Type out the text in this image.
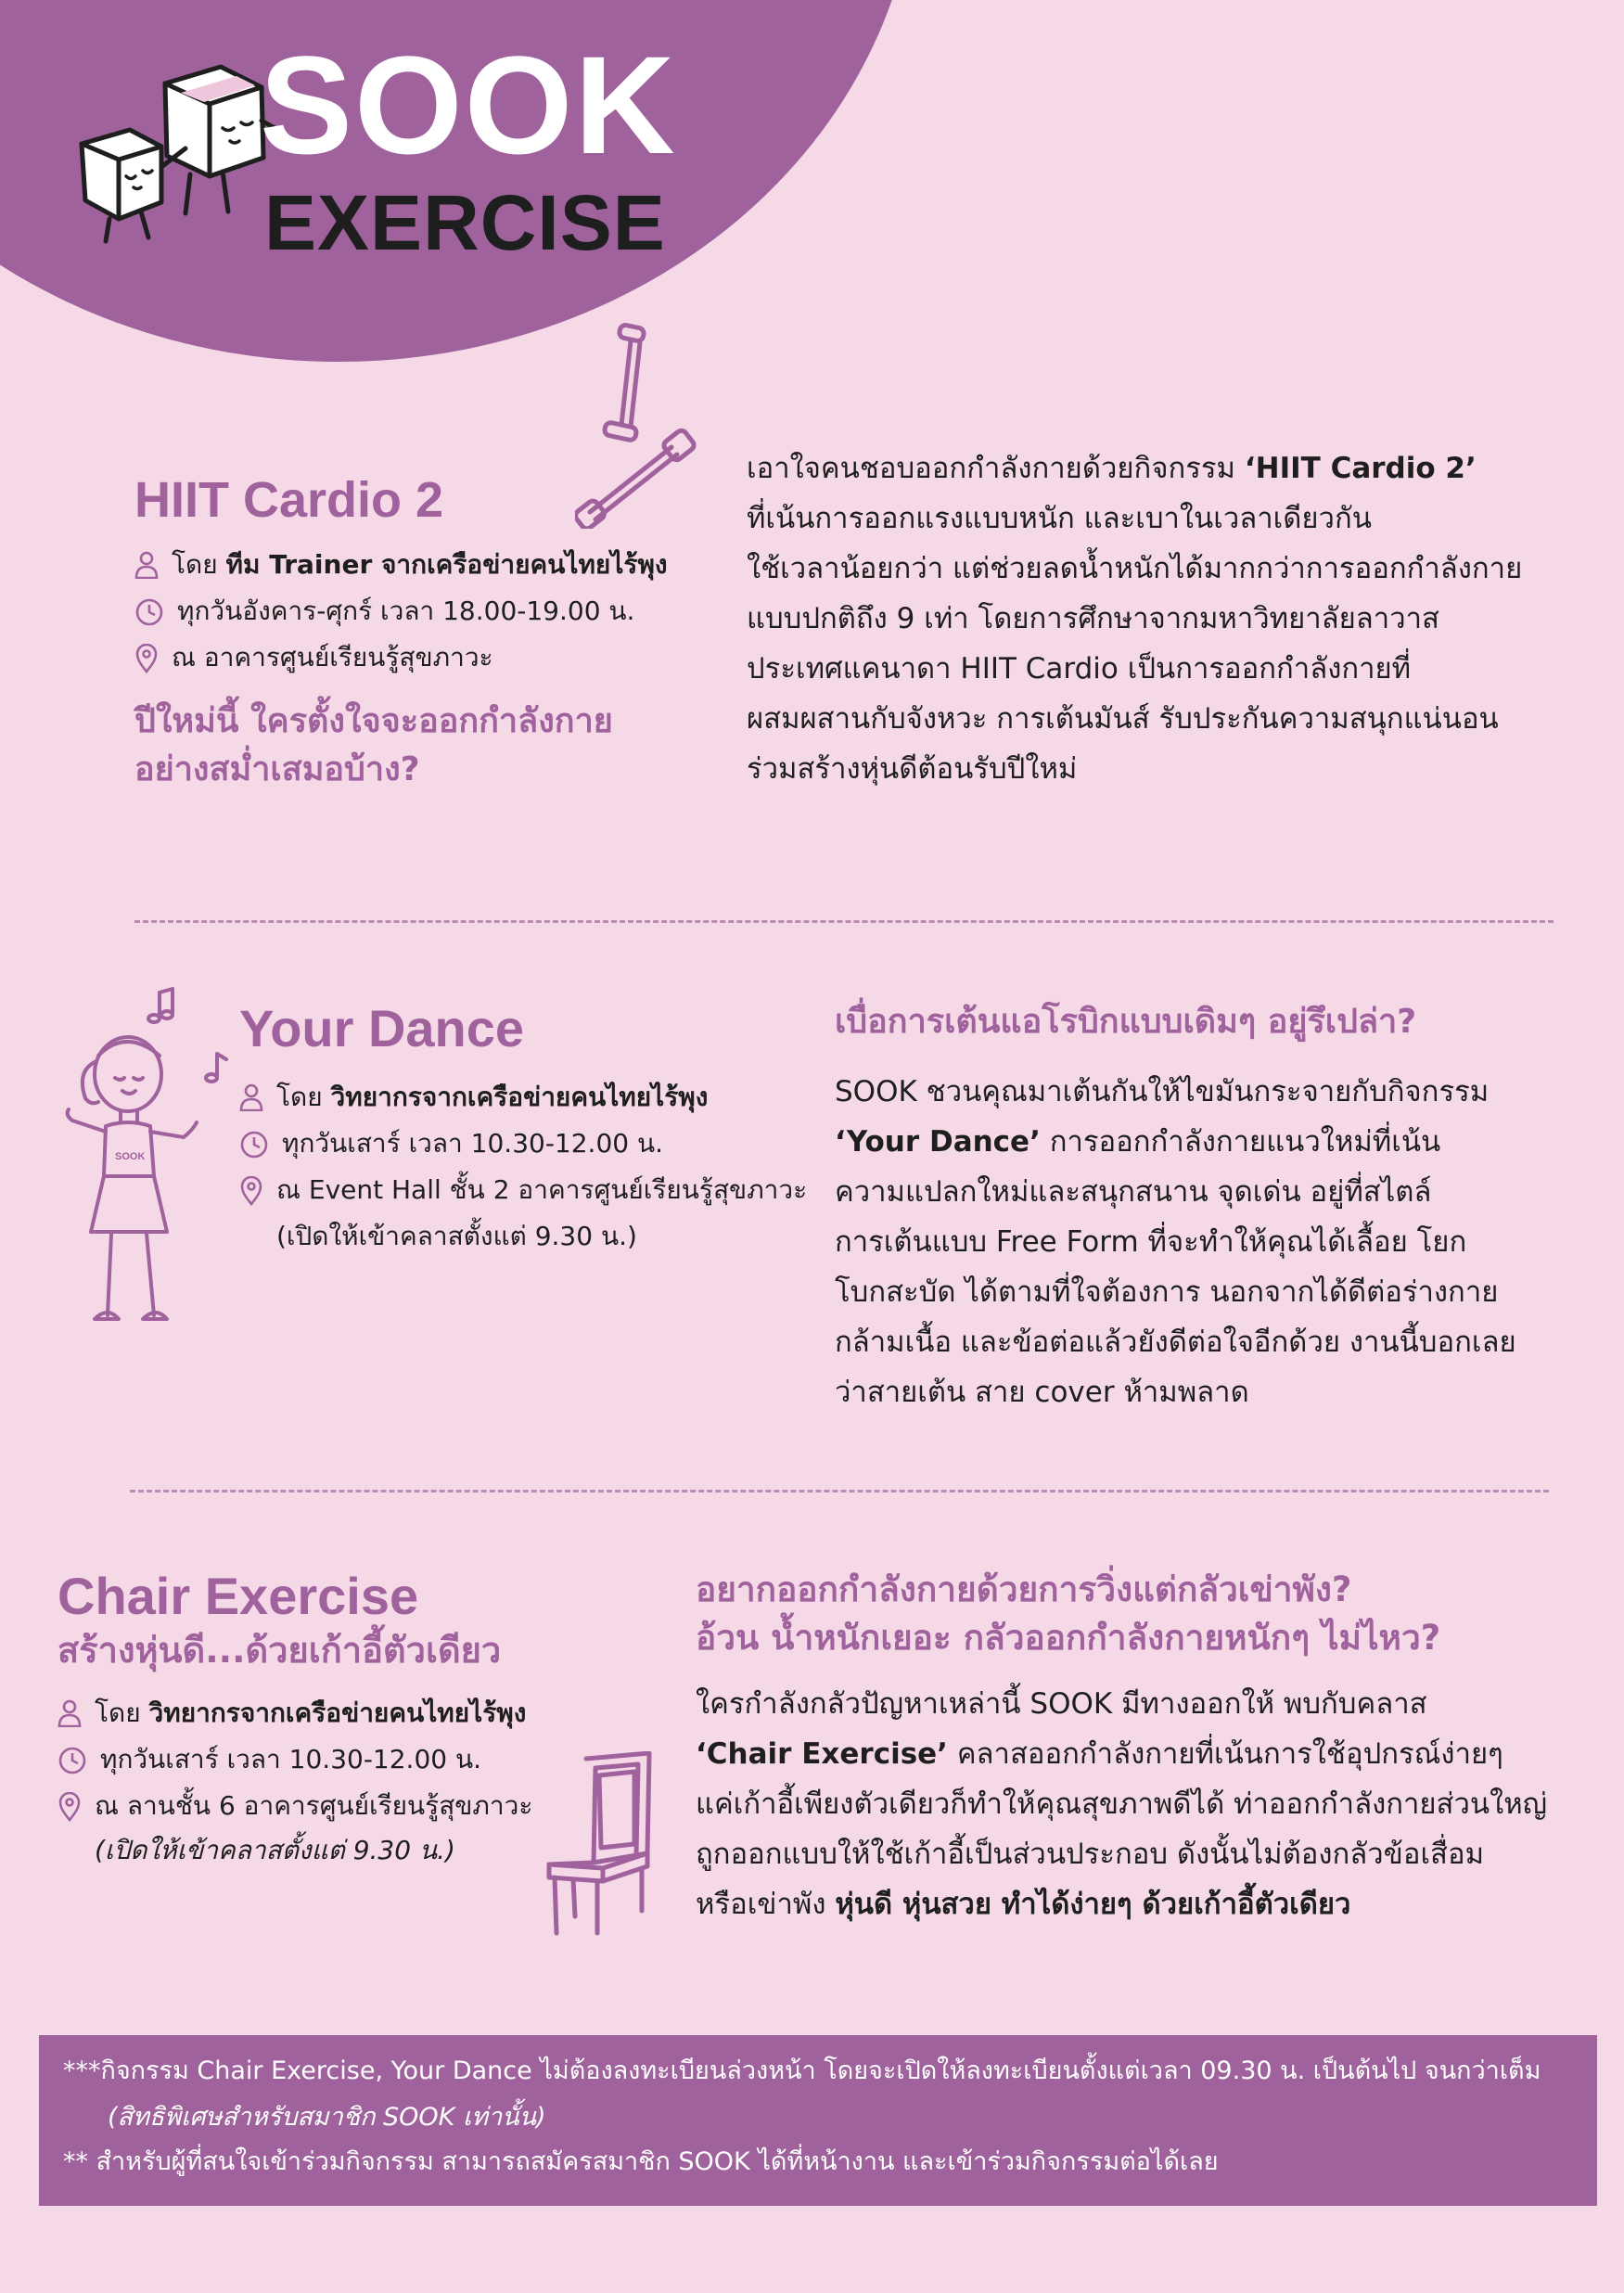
SOOK
EXERCISE
HIIT Cardio 2
โดย ทีม Trainer จากเครือข่ายคนไทยไร้พุง
ทุกวันอังคาร-ศุกร์ เวลา 18.00-19.00 น.
ณ อาคารศูนย์เรียนรู้สุขภาวะ
ปีใหม่นี้ ใครตั้งใจจะออกกำลังกาย
อย่างสม่ำเสมอบ้าง?
เอาใจคนชอบออกกำลังกายด้วยกิจกรรม ‘HIIT Cardio 2’
ที่เน้นการออกแรงแบบหนัก และเบาในเวลาเดียวกัน
ใช้เวลาน้อยกว่า แต่ช่วยลดน้ำหนักได้มากกว่าการออกกำลังกาย
แบบปกติถึง 9 เท่า โดยการศึกษาจากมหาวิทยาลัยลาวาส
ประเทศแคนาดา HIIT Cardio เป็นการออกกำลังกายที่
ผสมผสานกับจังหวะ การเต้นมันส์ รับประกันความสนุกแน่นอน
ร่วมสร้างหุ่นดีต้อนรับปีใหม่
SOOK
Your Dance
โดย วิทยากรจากเครือข่ายคนไทยไร้พุง
ทุกวันเสาร์ เวลา 10.30-12.00 น.
ณ Event Hall ชั้น 2 อาคารศูนย์เรียนรู้สุขภาวะ
(เปิดให้เข้าคลาสตั้งแต่ 9.30 น.)
เบื่อการเต้นแอโรบิกแบบเดิมๆ อยู่รึเปล่า?
SOOK ชวนคุณมาเต้นกันให้ไขมันกระจายกับกิจกรรม
‘Your Dance’ การออกกำลังกายแนวใหม่ที่เน้น
ความแปลกใหม่และสนุกสนาน จุดเด่น อยู่ที่สไตล์
การเต้นแบบ Free Form ที่จะทำให้คุณได้เลื้อย โยก
โบกสะบัด ได้ตามที่ใจต้องการ นอกจากได้ดีต่อร่างกาย
กล้ามเนื้อ และข้อต่อแล้วยังดีต่อใจอีกด้วย งานนี้บอกเลย
ว่าสายเต้น สาย cover ห้ามพลาด
Chair Exercise
สร้างหุ่นดี...ด้วยเก้าอี้ตัวเดียว
โดย วิทยากรจากเครือข่ายคนไทยไร้พุง
ทุกวันเสาร์ เวลา 10.30-12.00 น.
ณ ลานชั้น 6 อาคารศูนย์เรียนรู้สุขภาวะ
(เปิดให้เข้าคลาสตั้งแต่ 9.30 น.)
อยากออกกำลังกายด้วยการวิ่งแต่กลัวเข่าพัง?
อ้วน น้ำหนักเยอะ กลัวออกกำลังกายหนักๆ ไม่ไหว?
ใครกำลังกลัวปัญหาเหล่านี้ SOOK มีทางออกให้ พบกับคลาส
‘Chair Exercise’ คลาสออกกำลังกายที่เน้นการใช้อุปกรณ์ง่ายๆ
แค่เก้าอี้เพียงตัวเดียวก็ทำให้คุณสุขภาพดีได้ ท่าออกกำลังกายส่วนใหญ่
ถูกออกแบบให้ใช้เก้าอี้เป็นส่วนประกอบ ดังนั้นไม่ต้องกลัวข้อเสื่อม
หรือเข่าพัง หุ่นดี หุ่นสวย ทำได้ง่ายๆ ด้วยเก้าอี้ตัวเดียว
***กิจกรรม Chair Exercise, Your Dance ไม่ต้องลงทะเบียนล่วงหน้า โดยจะเปิดให้ลงทะเบียนตั้งแต่เวลา 09.30 น. เป็นต้นไป จนกว่าเต็ม
(สิทธิพิเศษสำหรับสมาชิก SOOK เท่านั้น)
** สำหรับผู้ที่สนใจเข้าร่วมกิจกรรม สามารถสมัครสมาชิก SOOK ได้ที่หน้างาน และเข้าร่วมกิจกรรมต่อได้เลย
